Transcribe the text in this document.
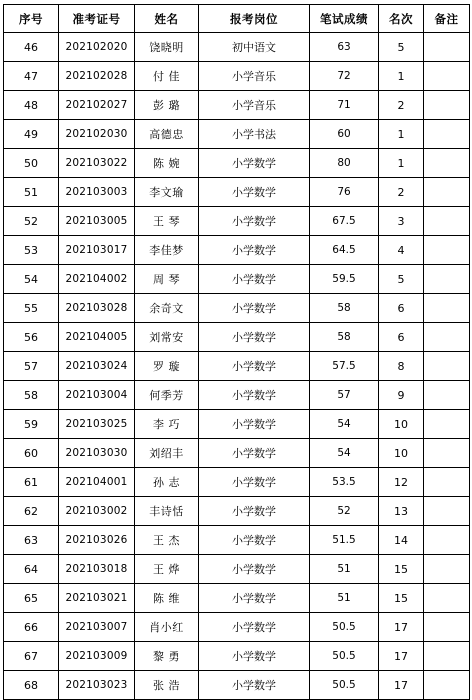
序号	准考证号	姓名	报考岗位	笔试成绩	名次	备注
46	202102020	饶晓明	初中语文	63	5	
47	202102028	付 佳	小学音乐	72	1	
48	202102027	彭 璐	小学音乐	71	2	
49	202102030	高德忠	小学书法	60	1	
50	202103022	陈 婉	小学数学	80	1	
51	202103003	李文瑜	小学数学	76	2	
52	202103005	王 琴	小学数学	67.5	3	
53	202103017	李佳梦	小学数学	64.5	4	
54	202104002	周 琴	小学数学	59.5	5	
55	202103028	余奇文	小学数学	58	6	
56	202104005	刘常安	小学数学	58	6	
57	202103024	罗 璇	小学数学	57.5	8	
58	202103004	何季芳	小学数学	57	9	
59	202103025	李 巧	小学数学	54	10	
60	202103030	刘绍丰	小学数学	54	10	
61	202104001	孙 志	小学数学	53.5	12	
62	202103002	丰诗恬	小学数学	52	13	
63	202103026	王 杰	小学数学	51.5	14	
64	202103018	王 烨	小学数学	51	15	
65	202103021	陈 维	小学数学	51	15	
66	202103007	肖小红	小学数学	50.5	17	
67	202103009	黎 勇	小学数学	50.5	17	
68	202103023	张 浩	小学数学	50.5	17	
